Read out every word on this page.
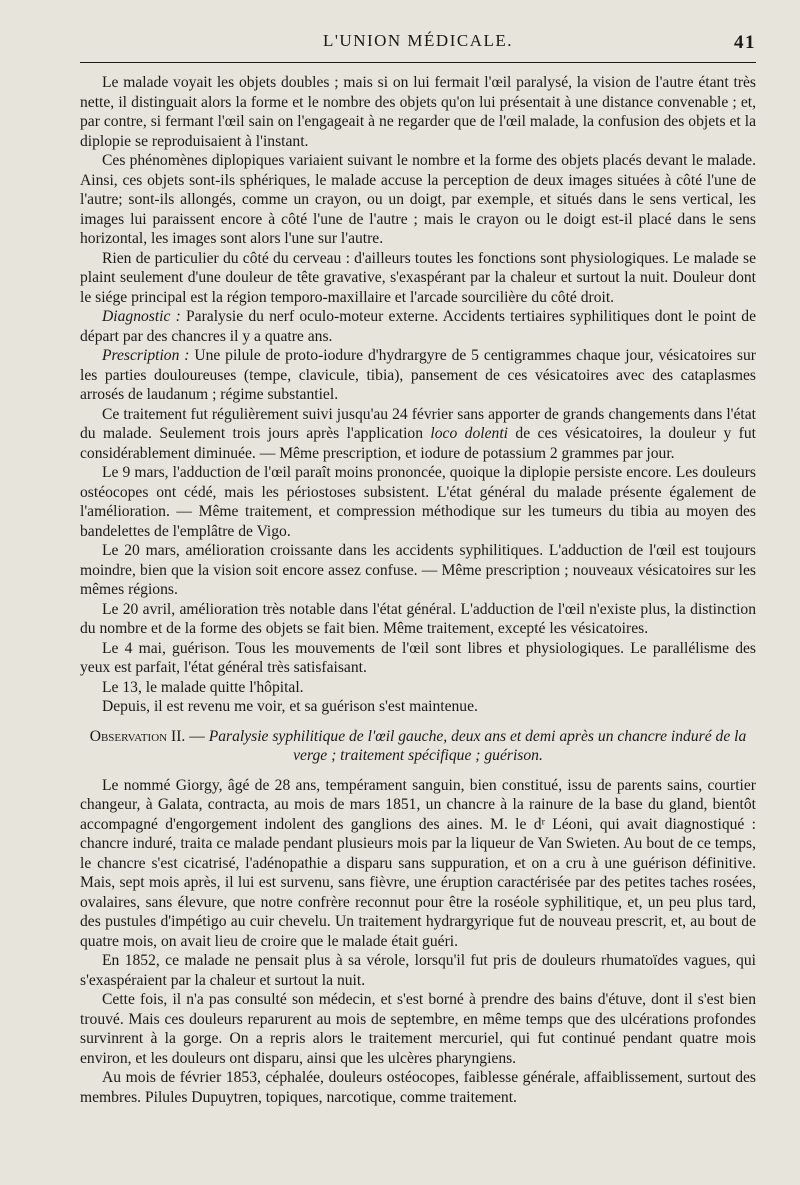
L'UNION MÉDICALE.	41

Le malade voyait les objets doubles ; mais si on lui fermait l'œil paralysé, la vision de l'autre étant très nette, il distinguait alors la forme et le nombre des objets qu'on lui présentait à une distance convenable ; et, par contre, si fermant l'œil sain on l'engageait à ne regarder que de l'œil malade, la confusion des objets et la diplopie se reproduisaient à l'instant.

Ces phénomènes diplopiques variaient suivant le nombre et la forme des objets placés devant le malade. Ainsi, ces objets sont-ils sphériques, le malade accuse la perception de deux images situées à côté l'une de l'autre; sont-ils allongés, comme un crayon, ou un doigt, par exemple, et situés dans le sens vertical, les images lui paraissent encore à côté l'une de l'autre ; mais le crayon ou le doigt est-il placé dans le sens horizontal, les images sont alors l'une sur l'autre.

Rien de particulier du côté du cerveau : d'ailleurs toutes les fonctions sont physiologiques. Le malade se plaint seulement d'une douleur de tête gravative, s'exaspérant par la chaleur et surtout la nuit. Douleur dont le siége principal est la région temporo-maxillaire et l'arcade sourcilière du côté droit.

Diagnostic : Paralysie du nerf oculo-moteur externe. Accidents tertiaires syphilitiques dont le point de départ par des chancres il y a quatre ans.

Prescription : Une pilule de proto-iodure d'hydrargyre de 5 centigrammes chaque jour, vésicatoires sur les parties douloureuses (tempe, clavicule, tibia), pansement de ces vésicatoires avec des cataplasmes arrosés de laudanum ; régime substantiel.

Ce traitement fut régulièrement suivi jusqu'au 24 février sans apporter de grands changements dans l'état du malade. Seulement trois jours après l'application loco dolenti de ces vésicatoires, la douleur y fut considérablement diminuée. — Même prescription, et iodure de potassium 2 grammes par jour.

Le 9 mars, l'adduction de l'œil paraît moins prononcée, quoique la diplopie persiste encore. Les douleurs ostéocopes ont cédé, mais les périostoses subsistent. L'état général du malade présente également de l'amélioration. — Même traitement, et compression méthodique sur les tumeurs du tibia au moyen des bandelettes de l'emplâtre de Vigo.

Le 20 mars, amélioration croissante dans les accidents syphilitiques. L'adduction de l'œil est toujours moindre, bien que la vision soit encore assez confuse. — Même prescription ; nouveaux vésicatoires sur les mêmes régions.

Le 20 avril, amélioration très notable dans l'état général. L'adduction de l'œil n'existe plus, la distinction du nombre et de la forme des objets se fait bien. Même traitement, excepté les vésicatoires.

Le 4 mai, guérison. Tous les mouvements de l'œil sont libres et physiologiques. Le parallélisme des yeux est parfait, l'état général très satisfaisant.

Le 13, le malade quitte l'hôpital.

Depuis, il est revenu me voir, et sa guérison s'est maintenue.

Observation II. — Paralysie syphilitique de l'œil gauche, deux ans et demi après un chancre induré de la verge ; traitement spécifique ; guérison.

Le nommé Giorgy, âgé de 28 ans, tempérament sanguin, bien constitué, issu de parents sains, courtier changeur, à Galata, contracta, au mois de mars 1851, un chancre à la rainure de la base du gland, bientôt accompagné d'engorgement indolent des ganglions des aines. M. le dʳ Léoni, qui avait diagnostiqué : chancre induré, traita ce malade pendant plusieurs mois par la liqueur de Van Swieten. Au bout de ce temps, le chancre s'est cicatrisé, l'adénopathie a disparu sans suppuration, et on a cru à une guérison définitive. Mais, sept mois après, il lui est survenu, sans fièvre, une éruption caractérisée par des petites taches rosées, ovalaires, sans élevure, que notre confrère reconnut pour être la roséole syphilitique, et, un peu plus tard, des pustules d'impétigo au cuir chevelu. Un traitement hydrargyrique fut de nouveau prescrit, et, au bout de quatre mois, on avait lieu de croire que le malade était guéri.

En 1852, ce malade ne pensait plus à sa vérole, lorsqu'il fut pris de douleurs rhumatoïdes vagues, qui s'exaspéraient par la chaleur et surtout la nuit.

Cette fois, il n'a pas consulté son médecin, et s'est borné à prendre des bains d'étuve, dont il s'est bien trouvé. Mais ces douleurs reparurent au mois de septembre, en même temps que des ulcérations profondes survinrent à la gorge. On a repris alors le traitement mercuriel, qui fut continué pendant quatre mois environ, et les douleurs ont disparu, ainsi que les ulcères pharyngiens.

Au mois de février 1853, céphalée, douleurs ostéocopes, faiblesse générale, affaiblissement, surtout des membres. Pilules Dupuytren, topiques, narcotique, comme traitement.
